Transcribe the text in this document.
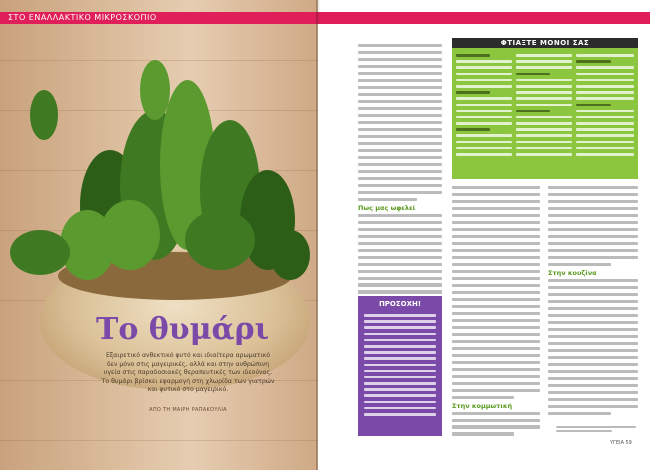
Το θυμάρι
Εξαιρετικό ανθεκτικό φυτό και ιδιαίτερα αρωματικό δεν μόνο στις μαγειρικές, αλλά και στην ανθρώπινη υγεία στις παραδοσιακές θεραπευτικές των ιδεούνας. Το θυμάρι βρίσκει εφαρμογή στη χλωρίδα των γιατρών και φυτικό στο μαγειρικό.
ΑΠΟ ΤΗ ΜΑΙΡΗ ΡΑΠΑΚΟΥΛΙΑ
ΣΤΟ ΕΝΑΛΛΑΚΤΙΚΟ ΜΙΚΡΟΣΚΟΠΙΟ
Πως μας ωφελεί
ΠΡΟΣΟΧΗ!
Στην κομμωτική
Στην κουζίνα
ΦΤΙΑΞΤΕ ΜΟΝΟΙ ΣΑΣ
ΥΓΕΙΑ 59
